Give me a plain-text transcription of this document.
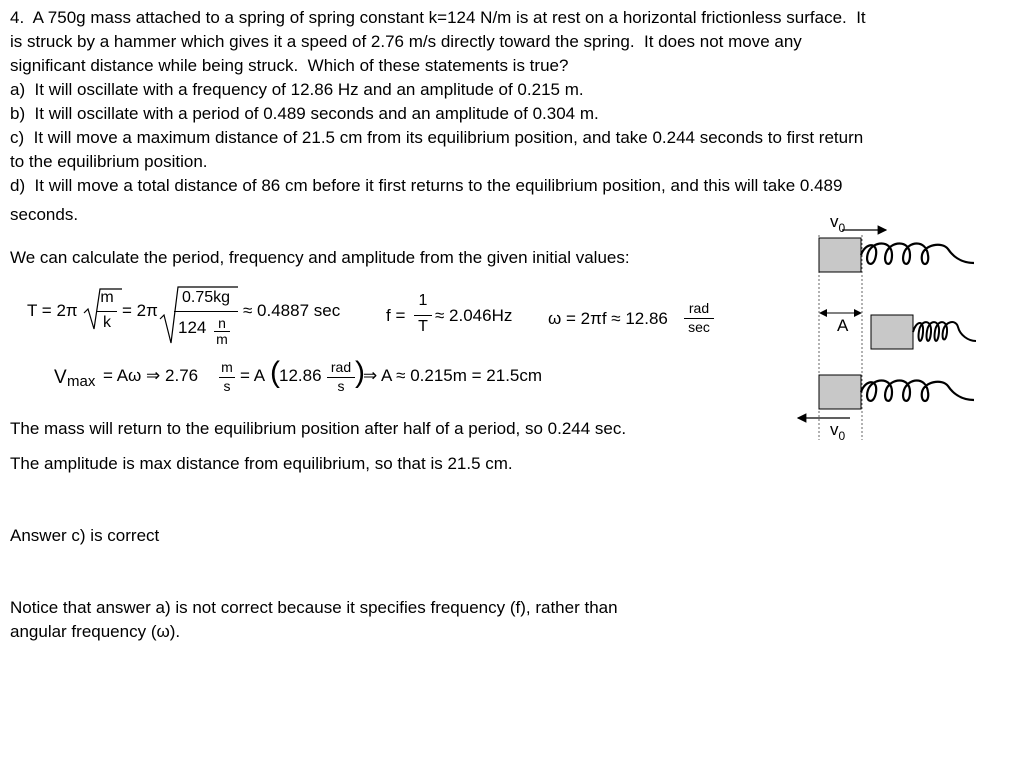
4.  A 750g mass attached to a spring of spring constant k=124 N/m is at rest on a horizontal frictionless surface.  It
is struck by a hammer which gives it a speed of 2.76 m/s directly toward the spring.  It does not move any
significant distance while being struck.  Which of these statements is true?
a)  It will oscillate with a frequency of 12.86 Hz and an amplitude of 0.215 m.
b)  It will oscillate with a period of 0.489 seconds and an amplitude of 0.304 m.
c)  It will move a maximum distance of 21.5 cm from its equilibrium position, and take 0.244 seconds to first return
to the equilibrium position.
d)  It will move a total distance of 86 cm before it first returns to the equilibrium position, and this will take 0.489
seconds.
We can calculate the period, frequency and amplitude from the given initial values:
T = 2π
m
k
= 2π
0.75kg
124 n
m
≈ 0.4887 sec	f =
1
T
≈ 2.046Hz ω = 2πf ≈ 12.86
rad
sec
V max = Aω ⇒ 2.76 m
s
= A ( 12.86 rad
s )
⇒ A ≈ 0.215m = 21.5cm
The mass will return to the equilibrium position after half of a period, so 0.244 sec.
The amplitude is max distance from equilibrium, so that is 21.5 cm.
Answer c) is correct
Notice that answer a) is not correct because it specifies frequency (f), rather than
angular frequency (ω).
$v_0$
A
$v_0$
